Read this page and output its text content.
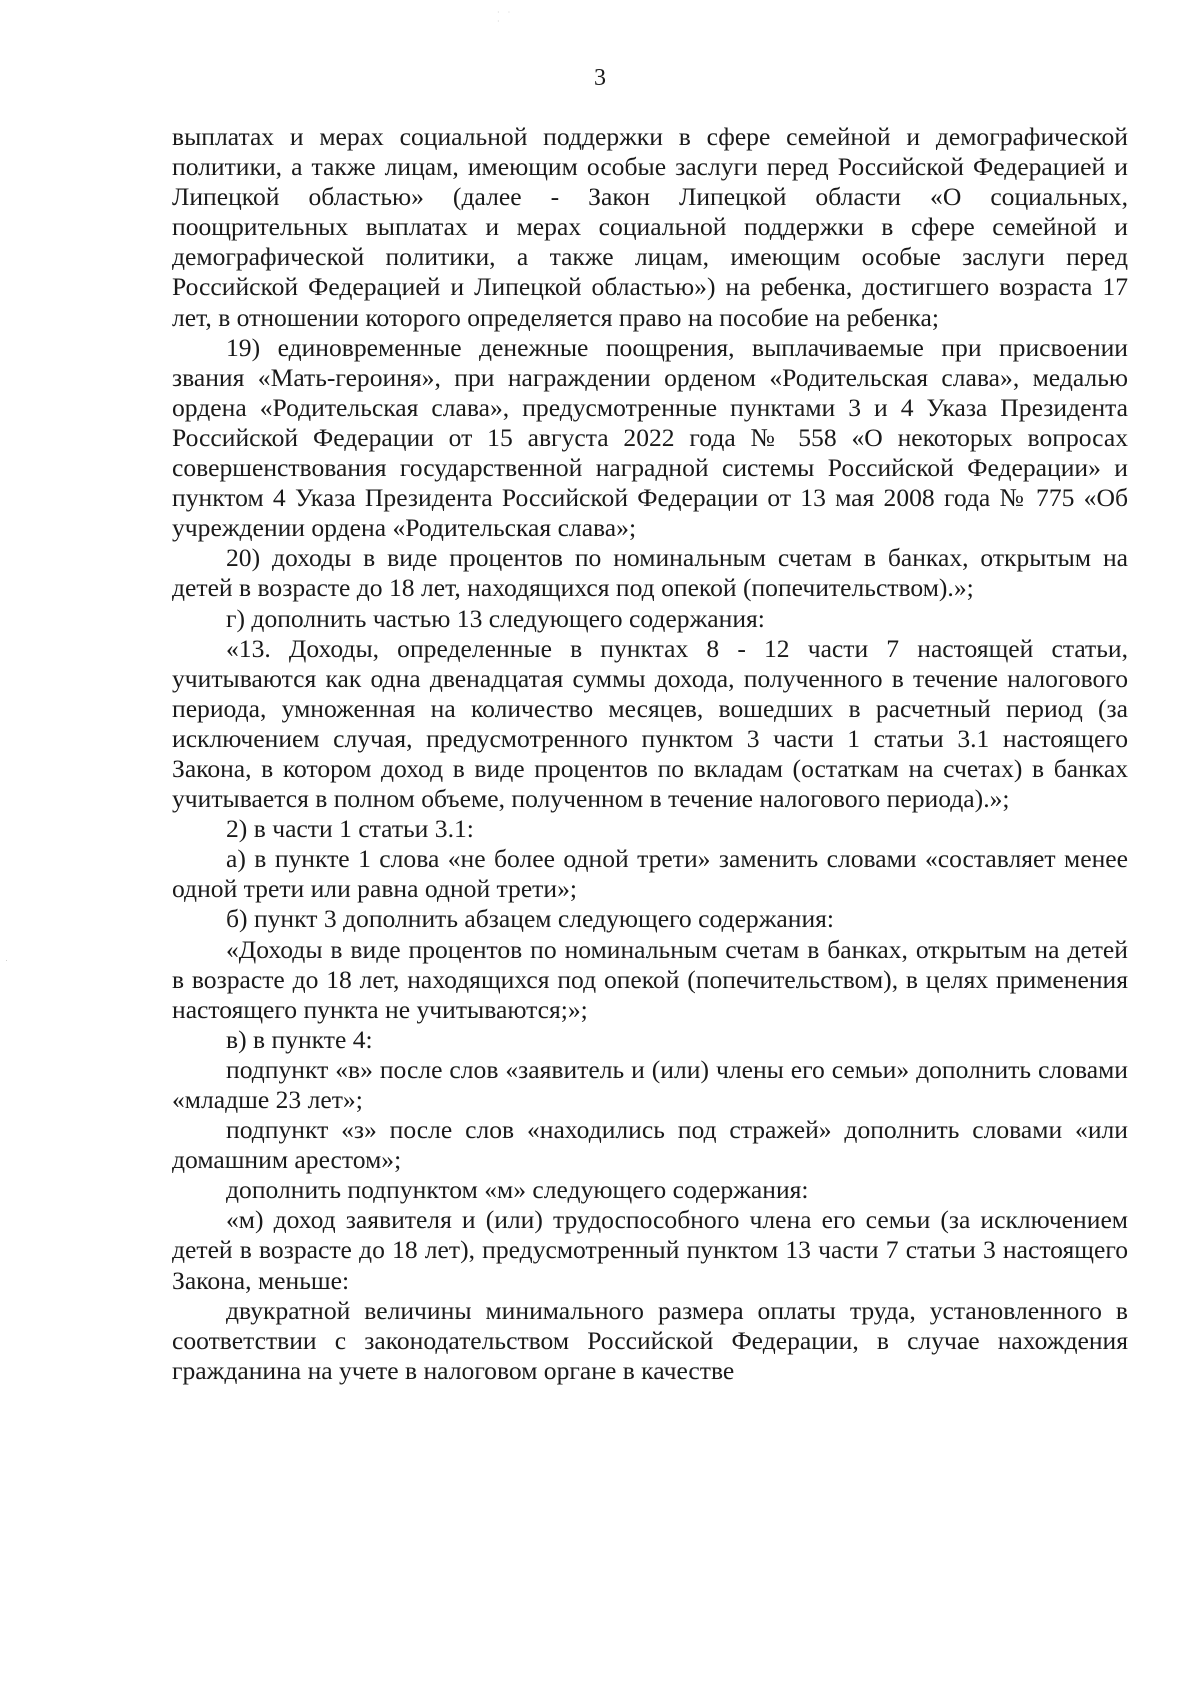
· · ·
3

выплатах и мерах социальной поддержки в сфере семейной и демографической политики, а также лицам, имеющим особые заслуги перед Российской Федерацией и Липецкой областью» (далее - Закон Липецкой области «О социальных, поощрительных выплатах и мерах социальной поддержки в сфере семейной и демографической политики, а также лицам, имеющим особые заслуги перед Российской Федерацией и Липецкой областью») на ребенка, достигшего возраста 17 лет, в отношении которого определяется право на пособие на ребенка;

19) единовременные денежные поощрения, выплачиваемые при присвоении звания «Мать-героиня», при награждении орденом «Родительская слава», медалью ордена «Родительская слава», предусмотренные пунктами 3 и 4 Указа Президента Российской Федерации от 15 августа 2022 года № 558 «О некоторых вопросах совершенствования государственной наградной системы Российской Федерации» и пунктом 4 Указа Президента Российской Федерации от 13 мая 2008 года № 775 «Об учреждении ордена «Родительская слава»;

20) доходы в виде процентов по номинальным счетам в банках, открытым на детей в возрасте до 18 лет, находящихся под опекой (попечительством).»;

г) дополнить частью 13 следующего содержания:

«13. Доходы, определенные в пунктах 8 - 12 части 7 настоящей статьи, учитываются как одна двенадцатая суммы дохода, полученного в течение налогового периода, умноженная на количество месяцев, вошедших в расчетный период (за исключением случая, предусмотренного пунктом 3 части 1 статьи 3.1 настоящего Закона, в котором доход в виде процентов по вкладам (остаткам на счетах) в банках учитывается в полном объеме, полученном в течение налогового периода).»;

2) в части 1 статьи 3.1:

а) в пункте 1 слова «не более одной трети» заменить словами «составляет менее одной трети или равна одной трети»;

б) пункт 3 дополнить абзацем следующего содержания:

«Доходы в виде процентов по номинальным счетам в банках, открытым на детей в возрасте до 18 лет, находящихся под опекой (попечительством), в целях применения настоящего пункта не учитываются;»;

в) в пункте 4:

подпункт «в» после слов «заявитель и (или) члены его семьи» дополнить словами «младше 23 лет»;

подпункт «з» после слов «находились под стражей» дополнить словами «или домашним арестом»;

дополнить подпунктом «м» следующего содержания:

«м) доход заявителя и (или) трудоспособного члена его семьи (за исключением детей в возрасте до 18 лет), предусмотренный пунктом 13 части 7 статьи 3 настоящего Закона, меньше:

двукратной величины минимального размера оплаты труда, установленного в соответствии с законодательством Российской Федерации, в случае нахождения гражданина на учете в налоговом органе в качестве
